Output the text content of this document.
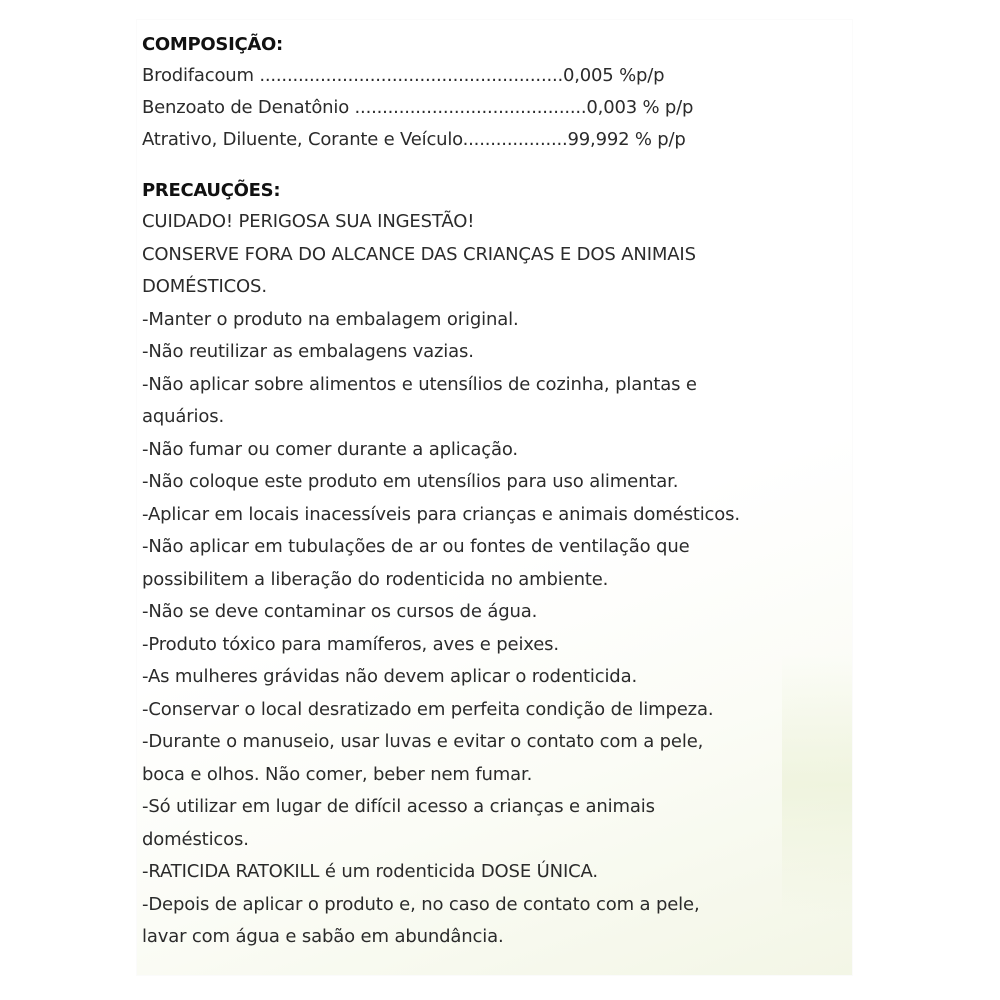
COMPOSIÇÃO:
Brodifacoum .......................................................0,005 %p/p
Benzoato de Denatônio ..........................................0,003 % p/p
Atrativo, Diluente, Corante e Veículo...................99,992 % p/p
PRECAUÇÕES:
CUIDADO! PERIGOSA SUA INGESTÃO!
CONSERVE FORA DO ALCANCE DAS CRIANÇAS E DOS ANIMAIS
DOMÉSTICOS.
-Manter o produto na embalagem original.
-Não reutilizar as embalagens vazias.
-Não aplicar sobre alimentos e utensílios de cozinha, plantas e
aquários.
-Não fumar ou comer durante a aplicação.
-Não coloque este produto em utensílios para uso alimentar.
-Aplicar em locais inacessíveis para crianças e animais domésticos.
-Não aplicar em tubulações de ar ou fontes de ventilação que
possibilitem a liberação do rodenticida no ambiente.
-Não se deve contaminar os cursos de água.
-Produto tóxico para mamíferos, aves e peixes.
-As mulheres grávidas não devem aplicar o rodenticida.
-Conservar o local desratizado em perfeita condição de limpeza.
-Durante o manuseio, usar luvas e evitar o contato com a pele,
boca e olhos. Não comer, beber nem fumar.
-Só utilizar em lugar de difícil acesso a crianças e animais
domésticos.
-RATICIDA RATOKILL é um rodenticida DOSE ÚNICA.
-Depois de aplicar o produto e, no caso de contato com a pele,
lavar com água e sabão em abundância.
